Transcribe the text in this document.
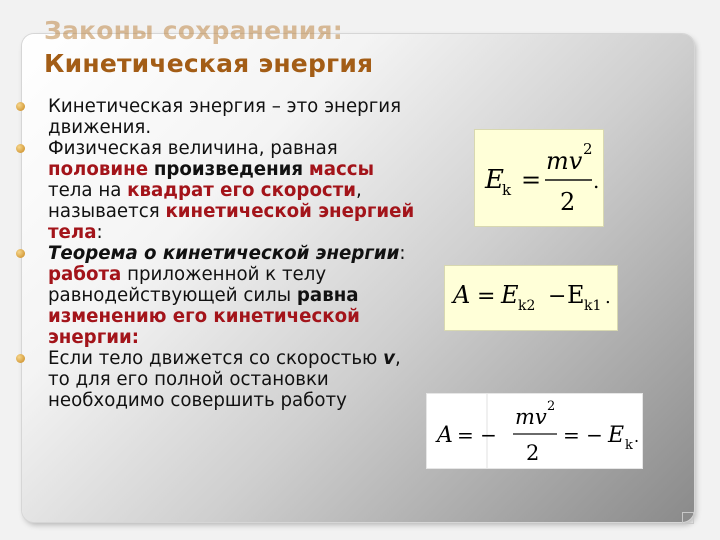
Законы сохранения:
Кинетическая энергия
Кинетическая энергия – это энергия движения.
Физическая величина, равная половине произведения массы тела на квадрат его скорости, называется кинетической энергией тела:
Теорема о кинетической энергии: работа приложенной к телу равнодействующей силы равна изменению его кинетической энергии:
Если тело движется со скоростью v, то для его полной остановки необходимо совершить работу
E
k =
mv 2
2
.
A = E k2 − E k1 .
A = −
mv 2
2
= − E k .
